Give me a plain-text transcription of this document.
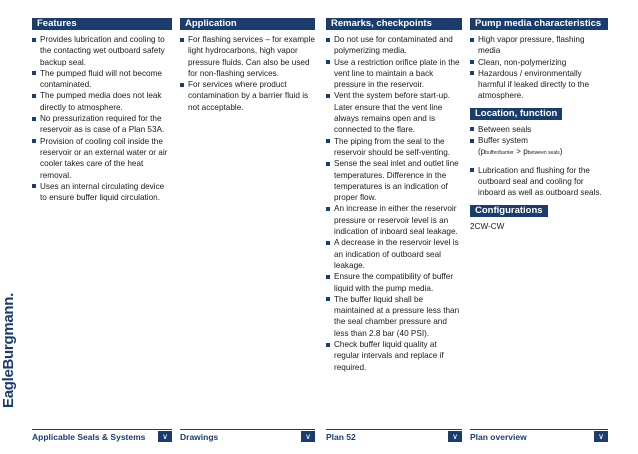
EagleBurgmann.
Features
Provides lubrication and cooling to the contacting wet outboard safety backup seal.
The pumped fluid will not become contaminated.
The pumped media does not leak directly to atmosphere.
No pressurization required for the reservoir as is case of a Plan 53A.
Provision of cooling coil inside the reservoir or an external water or air cooler takes care of the heat removal.
Uses an internal circulating device to ensure buffer liquid circulation.
Application
For flashing services – for example light hydrocarbons, high vapor pressure fluids. Can also be used for non-flashing services.
For services where product contamination by a barrier fluid is not acceptable.
Remarks, checkpoints
Do not use for contaminated and polymerizing media.
Use a restriction orifice plate in the vent line to maintain a back pressure in the reservoir.
Vent the system before start-up. Later ensure that the vent line always remains open and is connected to the flare.
The piping from the seal to the reservoir should be self-venting.
Sense the seal inlet and outlet line temperatures. Difference in the temperatures is an indication of proper flow.
An increase in either the reservoir pressure or reservoir level is an indication of inboard seal leakage.
A decrease in the reservoir level is an indication of outboard seal leakage.
Ensure the compatibility of buffer liquid with the pump media.
The buffer liquid shall be maintained at a pressure less than the seal chamber pressure and less than 2.8 bar (40 PSI).
Check buffer liquid quality at regular intervals and replace if required.
Pump media characteristics
High vapor pressure, flashing media
Clean, non-polymerizing
Hazardous / environmentally harmful if leaked directly to the atmosphere.
Location, function
Between seals
Buffer system
(pbuffer/barrier > pbetween seals)
Lubrication and flushing for the outboard seal and cooling for inboard as well as outboard seals.
Configurations
2CW-CW
Applicable Seals & Systems	∨	Drawings	∨	Plan 52	∨	Plan overview	∨
